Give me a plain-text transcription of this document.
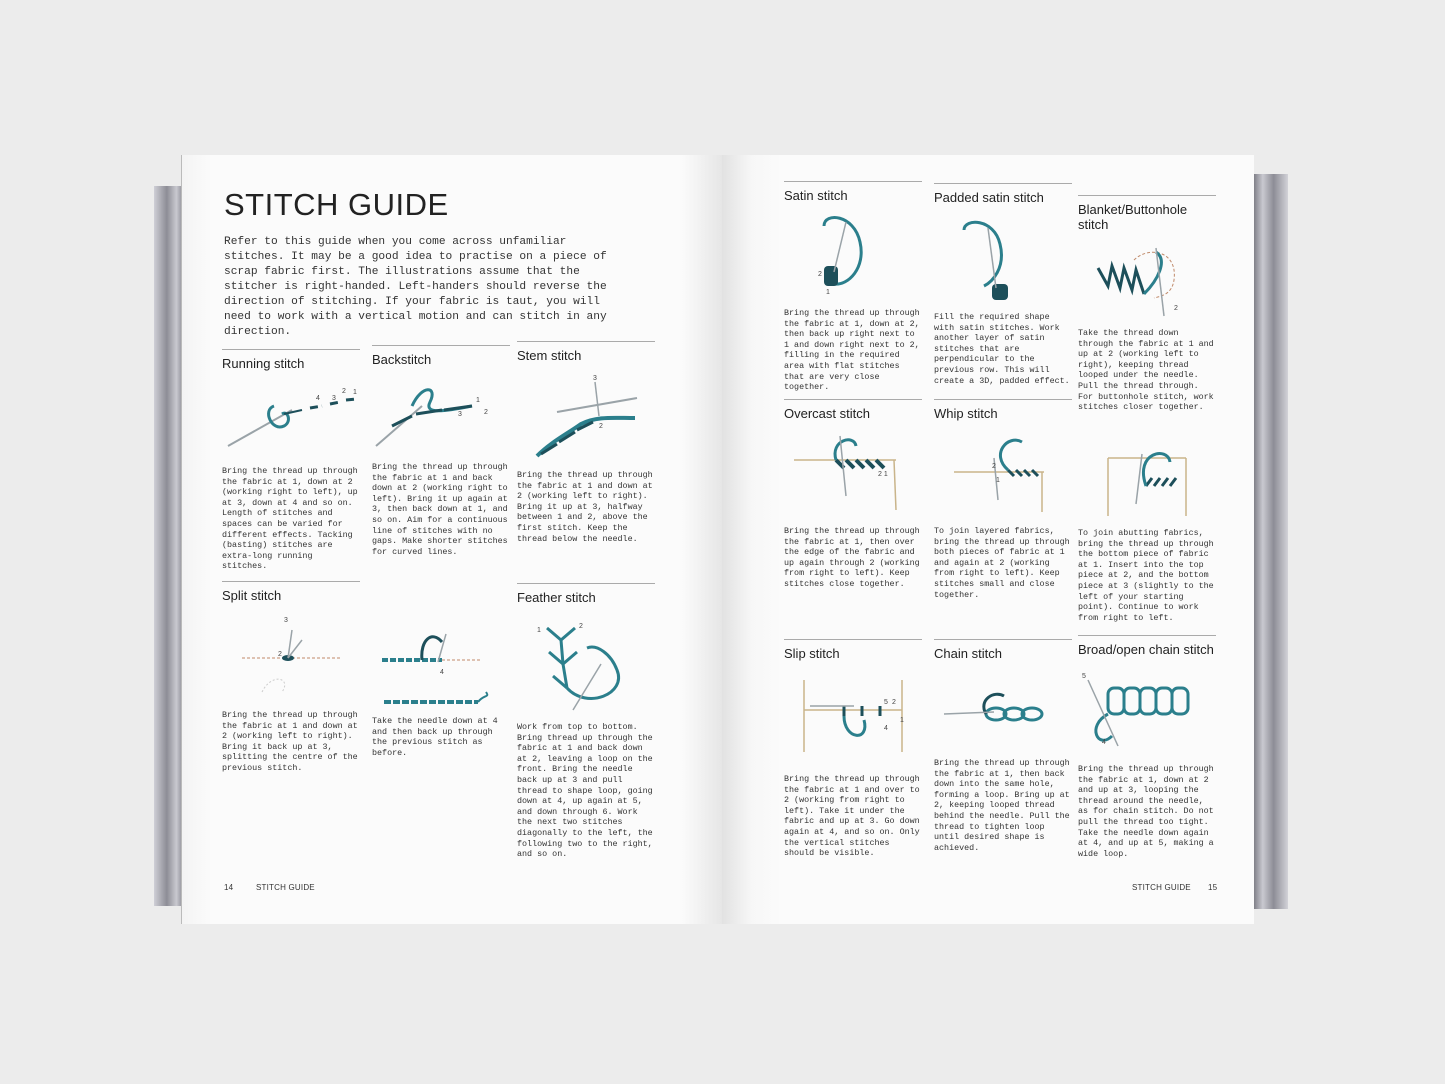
STITCH GUIDE

Refer to this guide when you come across unfamiliar stitches. It may be a good idea to practise on a piece of scrap fabric first. The illustrations assume that the stitcher is right-handed. Left-handers should reverse the direction of stitching. If your fabric is taut, you will need to work with a vertical motion and can stitch in any direction.

Running stitch
4 3
2 1

Bring the thread up through the fabric at 1, down at 2 (working right to left), up at 3, down at 4 and so on. Length of stitches and spaces can be varied for different effects. Tacking (basting) stitches are extra-long running stitches.

Backstitch
1
2
3

Bring the thread up through the fabric at 1 and back down at 2 (working right to left). Bring it up again at 3, then back down at 1, and so on. Aim for a continuous line of stitches with no gaps. Make shorter stitches for curved lines.

Stem stitch
3
2

Bring the thread up through the fabric at 1 and down at 2 (working left to right). Bring it up at 3, halfway between 1 and 2, above the first stitch. Keep the thread below the needle.

Split stitch
3
2

Bring the thread up through the fabric at 1 and down at 2 (working left to right). Bring it back up at 3, splitting the centre of the previous stitch.

4

Take the needle down at 4 and then back up through the previous stitch as before.

Feather stitch
1
2

Work from top to bottom. Bring thread up through the fabric at 1 and back down at 2, leaving a loop on the front. Bring the needle back up at 3 and pull thread to shape loop, going down at 4, up again at 5, and down through 6. Work the next two stitches diagonally to the left, the following two to the right, and so on.

14	STITCH GUIDE
Satin stitch
2
1

Bring the thread up through the fabric at 1, down at 2, then back up right next to 1 and down right next to 2, filling in the required area with flat stitches that are very close together.

Padded satin stitch

Fill the required shape with satin stitches. Work another layer of satin stitches that are perpendicular to the previous row. This will create a 3D, padded effect.

Blanket/Buttonhole stitch
2

Take the thread down through the fabric at 1 and up at 2 (working left to right), keeping thread looped under the needle. Pull the thread through. For buttonhole stitch, work stitches closer together.

Overcast stitch
2 1

Bring the thread up through the fabric at 1, then over the edge of the fabric and up again through 2 (working from right to left). Keep stitches close together.

Whip stitch
2
1

To join layered fabrics, bring the thread up through both pieces of fabric at 1 and again at 2 (working from right to left). Keep stitches small and close together.

To join abutting fabrics, bring the thread up through the bottom piece of fabric at 1. Insert into the top piece at 2, and the bottom piece at 3 (slightly to the left of your starting point). Continue to work from right to left.

Slip stitch
5 2
4
1

Bring the thread up through the fabric at 1 and over to 2 (working from right to left). Take it under the fabric and up at 3. Go down again at 4, and so on. Only the vertical stitches should be visible.

Chain stitch

Bring the thread up through the fabric at 1, then back down into the same hole, forming a loop. Bring up at 2, keeping looped thread behind the needle. Pull the thread to tighten loop until desired shape is achieved.

Broad/open chain stitch
5
4

Bring the thread up through the fabric at 1, down at 2 and up at 3, looping the thread around the needle, as for chain stitch. Do not pull the thread too tight. Take the needle down again at 4, and up at 5, making a wide loop.

STITCH GUIDE 15
